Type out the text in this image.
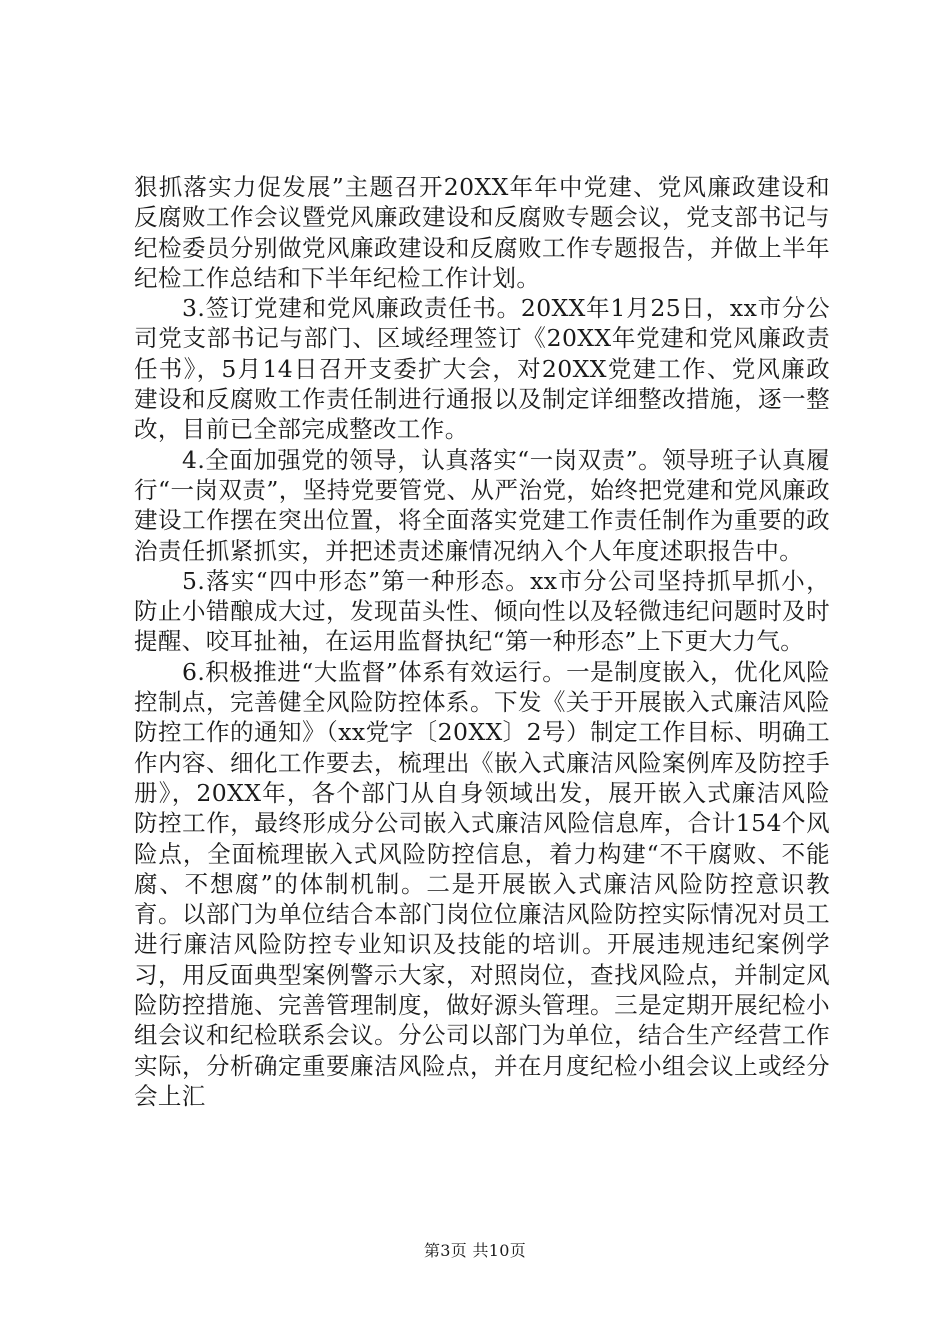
狠抓落实力促发展”主题召开20XX年年中党建、党风廉政建设和反腐败工作会议暨党风廉政建设和反腐败专题会议，党支部书记与纪检委员分别做党风廉政建设和反腐败工作专题报告，并做上半年纪检工作总结和下半年纪检工作计划。

3.签订党建和党风廉政责任书。20XX年1月25日，xx市分公司党支部书记与部门、区域经理签订《20XX年党建和党风廉政责任书》，5月14日召开支委扩大会，对20XX党建工作、党风廉政建设和反腐败工作责任制进行通报以及制定详细整改措施，逐一整改，目前已全部完成整改工作。

4.全面加强党的领导，认真落实“一岗双责”。领导班子认真履行“一岗双责”，坚持党要管党、从严治党，始终把党建和党风廉政建设工作摆在突出位置，将全面落实党建工作责任制作为重要的政治责任抓紧抓实，并把述责述廉情况纳入个人年度述职报告中。

5.落实“四中形态”第一种形态。xx市分公司坚持抓早抓小，防止小错酿成大过，发现苗头性、倾向性以及轻微违纪问题时及时提醒、咬耳扯袖，在运用监督执纪“第一种形态”上下更大力气。

6.积极推进“大监督”体系有效运行。一是制度嵌入，优化风险控制点，完善健全风险防控体系。下发《关于开展嵌入式廉洁风险防控工作的通知》（xx党字〔20XX〕2号）制定工作目标、明确工作内容、细化工作要去，梳理出《嵌入式廉洁风险案例库及防控手册》，20XX年，各个部门从自身领域出发，展开嵌入式廉洁风险防控工作，最终形成分公司嵌入式廉洁风险信息库，合计154个风险点，全面梳理嵌入式风险防控信息，着力构建“不干腐败、不能腐、不想腐”的体制机制。二是开展嵌入式廉洁风险防控意识教育。以部门为单位结合本部门岗位位廉洁风险防控实际情况对员工进行廉洁风险防控专业知识及技能的培训。开展违规违纪案例学习，用反面典型案例警示大家，对照岗位，查找风险点，并制定风险防控措施、完善管理制度，做好源头管理。三是定期开展纪检小组会议和纪检联系会议。分公司以部门为单位，结合生产经营工作实际，分析确定重要廉洁风险点，并在月度纪检小组会议上或经分会上汇

第3页 共10页
